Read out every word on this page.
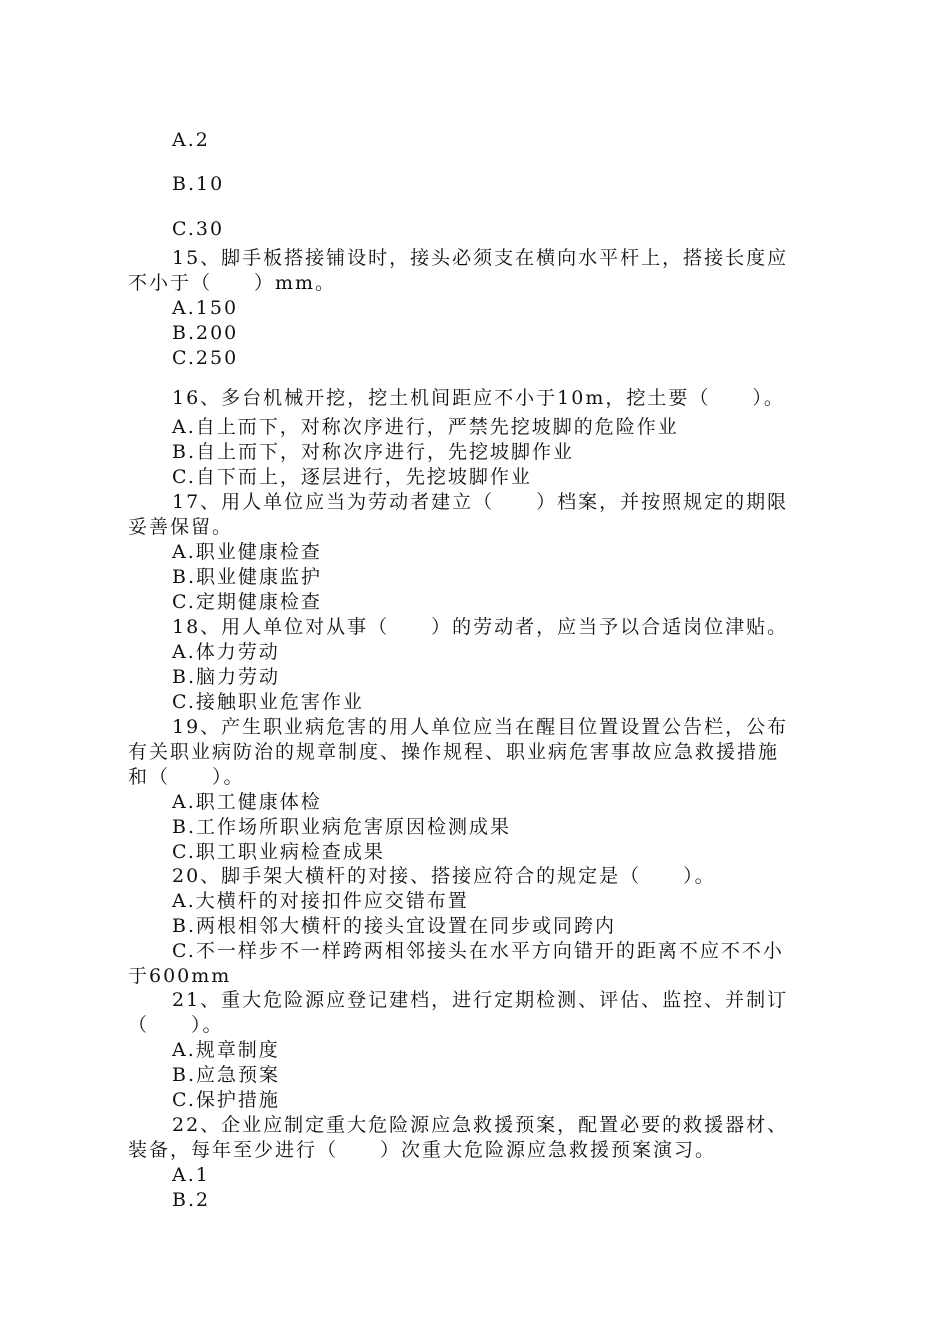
A.2
B.10
C.30
15、脚手板搭接铺设时，接头必须支在横向水平杆上，搭接长度应
不小于（　　）mm。
A.150
B.200
C.250
16、多台机械开挖，挖土机间距应不小于10m，挖土要（　　）。
A.自上而下，对称次序进行，严禁先挖坡脚的危险作业
B.自上而下，对称次序进行，先挖坡脚作业
C.自下而上，逐层进行，先挖坡脚作业
17、用人单位应当为劳动者建立（　　）档案，并按照规定的期限
妥善保留。
A.职业健康检查
B.职业健康监护
C.定期健康检查
18、用人单位对从事（　　）的劳动者，应当予以合适岗位津贴。
A.体力劳动
B.脑力劳动
C.接触职业危害作业
19、产生职业病危害的用人单位应当在醒目位置设置公告栏，公布
有关职业病防治的规章制度、操作规程、职业病危害事故应急救援措施
和（　　）。
A.职工健康体检
B.工作场所职业病危害原因检测成果
C.职工职业病检查成果
20、脚手架大横杆的对接、搭接应符合的规定是（　　）。
A.大横杆的对接扣件应交错布置
B.两根相邻大横杆的接头宜设置在同步或同跨内
C.不一样步不一样跨两相邻接头在水平方向错开的距离不应不不小
于600mm
21、重大危险源应登记建档，进行定期检测、评估、监控、并制订
（　　）。
A.规章制度
B.应急预案
C.保护措施
22、企业应制定重大危险源应急救援预案，配置必要的救援器材、
装备，每年至少进行（　　）次重大危险源应急救援预案演习。
A.1
B.2
